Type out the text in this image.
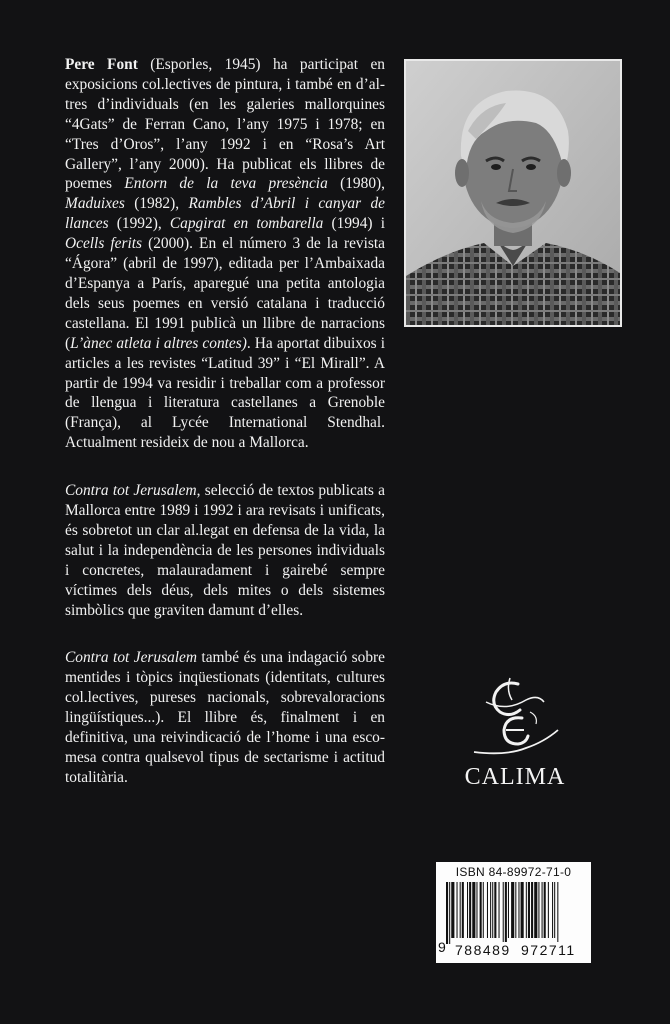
Pere Font (Esporles, 1945) ha participat en exposicions col.lectives de pintura, i també en d’altres d’individuals (en les galeries mallorquines “4Gats” de Ferran Cano, l’any 1975 i 1978; en “Tres d’Oros”, l’any 1992 i en “Rosa’s Art Gallery”, l’any 2000). Ha publicat els llibres de poemes Entorn de la teva presència (1980), Maduixes (1982), Rambles d’Abril i canyar de llances (1992), Capgirat en tombarella (1994) i Ocells ferits (2000). En el número 3 de la revista “Ágora” (abril de 1997), editada per l’Ambaixada d’Espanya a París, aparegué una petita antologia dels seus poemes en versió catalana i traducció castellana. El 1991 publicà un llibre de narracions (L’ànec atleta i altres contes). Ha aportat dibuixos i articles a les revistes “Latitud 39” i “El Mirall”. A partir de 1994 va residir i treballar com a professor de llengua i literatura castellanes a Grenoble (França), al Lycée International Stendhal. Actualment resideix de nou a Mallorca.

Contra tot Jerusalem, selecció de textos publicats a Mallorca entre 1989 i 1992 i ara revisats i unificats, és sobretot un clar al.legat en defensa de la vida, la salut i la independència de les persones individuals i concretes, malauradament i gairebé sempre víctimes dels déus, dels mites o dels sistemes simbòlics que graviten damunt d’elles.

Contra tot Jerusalem també és una indagació sobre mentides i tòpics inqüestionats (identitats, cultures col.lectives, pureses nacionals, sobrevaloracions lingüístiques...). El llibre és, finalment i en definitiva, una reivindicació de l’home i una escomesa contra qualsevol tipus de sectarisme i actitud totalitària.	CALIMA
ISBN 84-89972-71-0
9 788489 972711
